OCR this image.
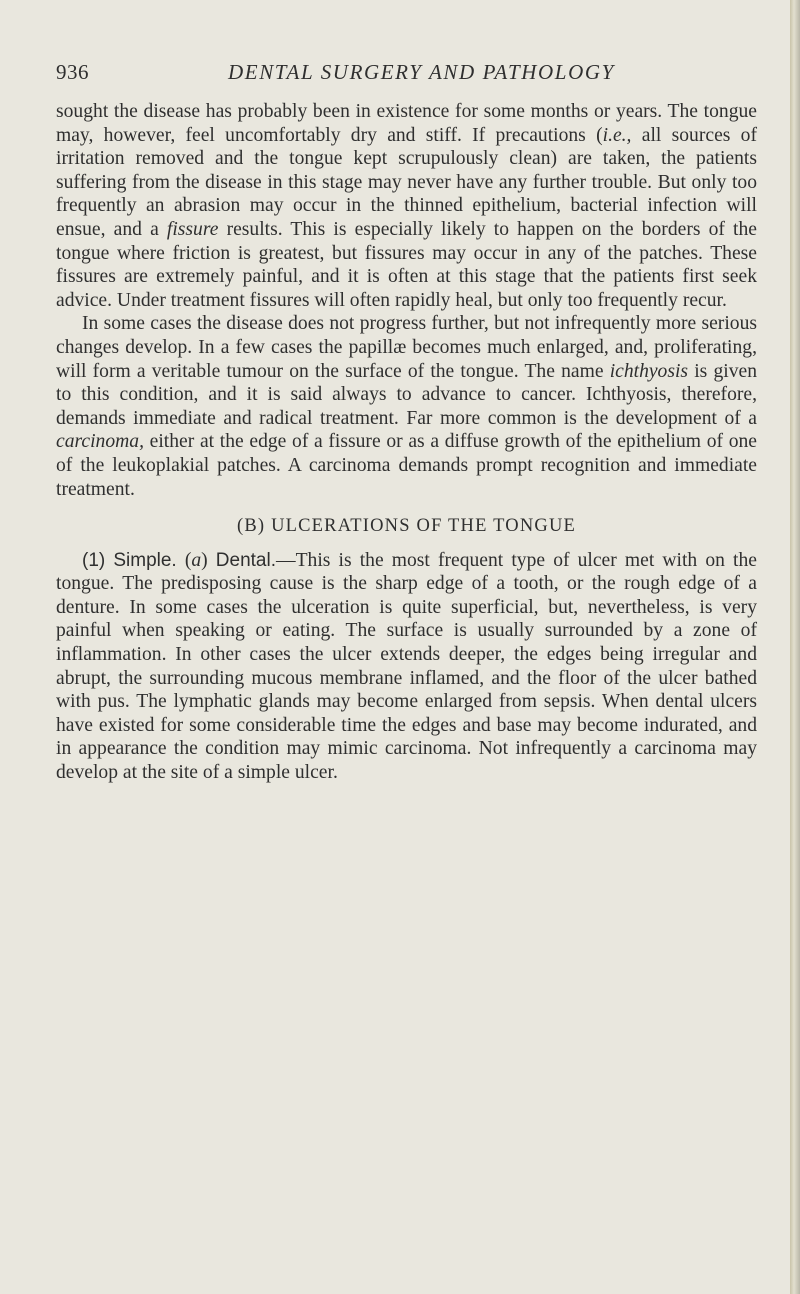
936	DENTAL SURGERY AND PATHOLOGY

sought the disease has probably been in existence for some months or years. The tongue may, however, feel uncomfortably dry and stiff. If precautions (i.e., all sources of irritation removed and the tongue kept scrupulously clean) are taken, the patients suffering from the disease in this stage may never have any further trouble. But only too frequently an abrasion may occur in the thinned epithelium, bacterial infection will ensue, and a fissure results. This is especially likely to happen on the borders of the tongue where friction is greatest, but fissures may occur in any of the patches. These fissures are extremely painful, and it is often at this stage that the patients first seek advice. Under treatment fissures will often rapidly heal, but only too frequently recur.

In some cases the disease does not progress further, but not infrequently more serious changes develop. In a few cases the papillæ becomes much enlarged, and, proliferating, will form a veritable tumour on the surface of the tongue. The name ichthyosis is given to this condition, and it is said always to advance to cancer. Ichthyosis, therefore, demands immediate and radical treatment. Far more common is the development of a carcinoma, either at the edge of a fissure or as a diffuse growth of the epithelium of one of the leukoplakial patches. A carcinoma demands prompt recognition and immediate treatment.

(B) ULCERATIONS OF THE TONGUE

(1) Simple. (a) Dental.—This is the most frequent type of ulcer met with on the tongue. The predisposing cause is the sharp edge of a tooth, or the rough edge of a denture. In some cases the ulceration is quite superficial, but, nevertheless, is very painful when speaking or eating. The surface is usually surrounded by a zone of inflammation. In other cases the ulcer extends deeper, the edges being irregular and abrupt, the surrounding mucous membrane inflamed, and the floor of the ulcer bathed with pus. The lymphatic glands may become enlarged from sepsis. When dental ulcers have existed for some considerable time the edges and base may become indurated, and in appearance the condition may mimic carcinoma. Not infrequently a carcinoma may develop at the site of a simple ulcer.
